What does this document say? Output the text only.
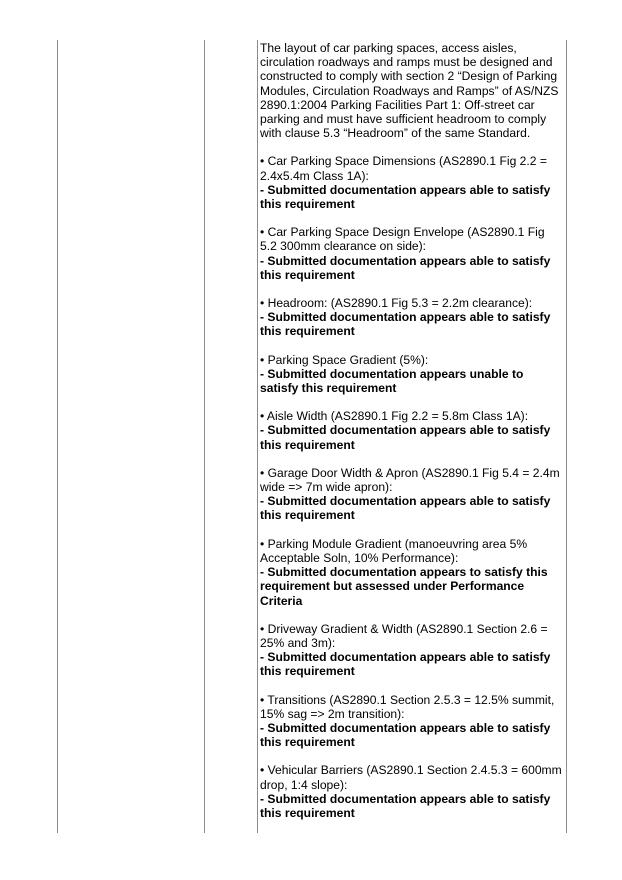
The layout of car parking spaces, access aisles, circulation roadways and ramps must be designed and constructed to comply with section 2 “Design of Parking Modules, Circulation Roadways and Ramps” of AS/NZS 2890.1:2004 Parking Facilities Part 1: Off-street car parking and must have sufficient headroom to comply with clause 5.3 “Headroom” of the same Standard.

• Car Parking Space Dimensions (AS2890.1 Fig 2.2 = 2.4x5.4m Class 1A):
- Submitted documentation appears able to satisfy this requirement
• Car Parking Space Design Envelope (AS2890.1 Fig 5.2 300mm clearance on side):
- Submitted documentation appears able to satisfy this requirement
• Headroom: (AS2890.1 Fig 5.3 = 2.2m clearance):
- Submitted documentation appears able to satisfy this requirement
• Parking Space Gradient (5%):
- Submitted documentation appears unable to satisfy this requirement
• Aisle Width (AS2890.1 Fig 2.2 = 5.8m Class 1A):
- Submitted documentation appears able to satisfy this requirement
• Garage Door Width & Apron (AS2890.1 Fig 5.4 = 2.4m wide => 7m wide apron):
- Submitted documentation appears able to satisfy this requirement
• Parking Module Gradient (manoeuvring area 5% Acceptable Soln, 10% Performance):
- Submitted documentation appears to satisfy this requirement but assessed under Performance Criteria
• Driveway Gradient & Width (AS2890.1 Section 2.6 = 25% and 3m):
- Submitted documentation appears able to satisfy this requirement
• Transitions (AS2890.1 Section 2.5.3 = 12.5% summit, 15% sag => 2m transition):
- Submitted documentation appears able to satisfy this requirement
• Vehicular Barriers (AS2890.1 Section 2.4.5.3 = 600mm drop, 1:4 slope):
- Submitted documentation appears able to satisfy this requirement
